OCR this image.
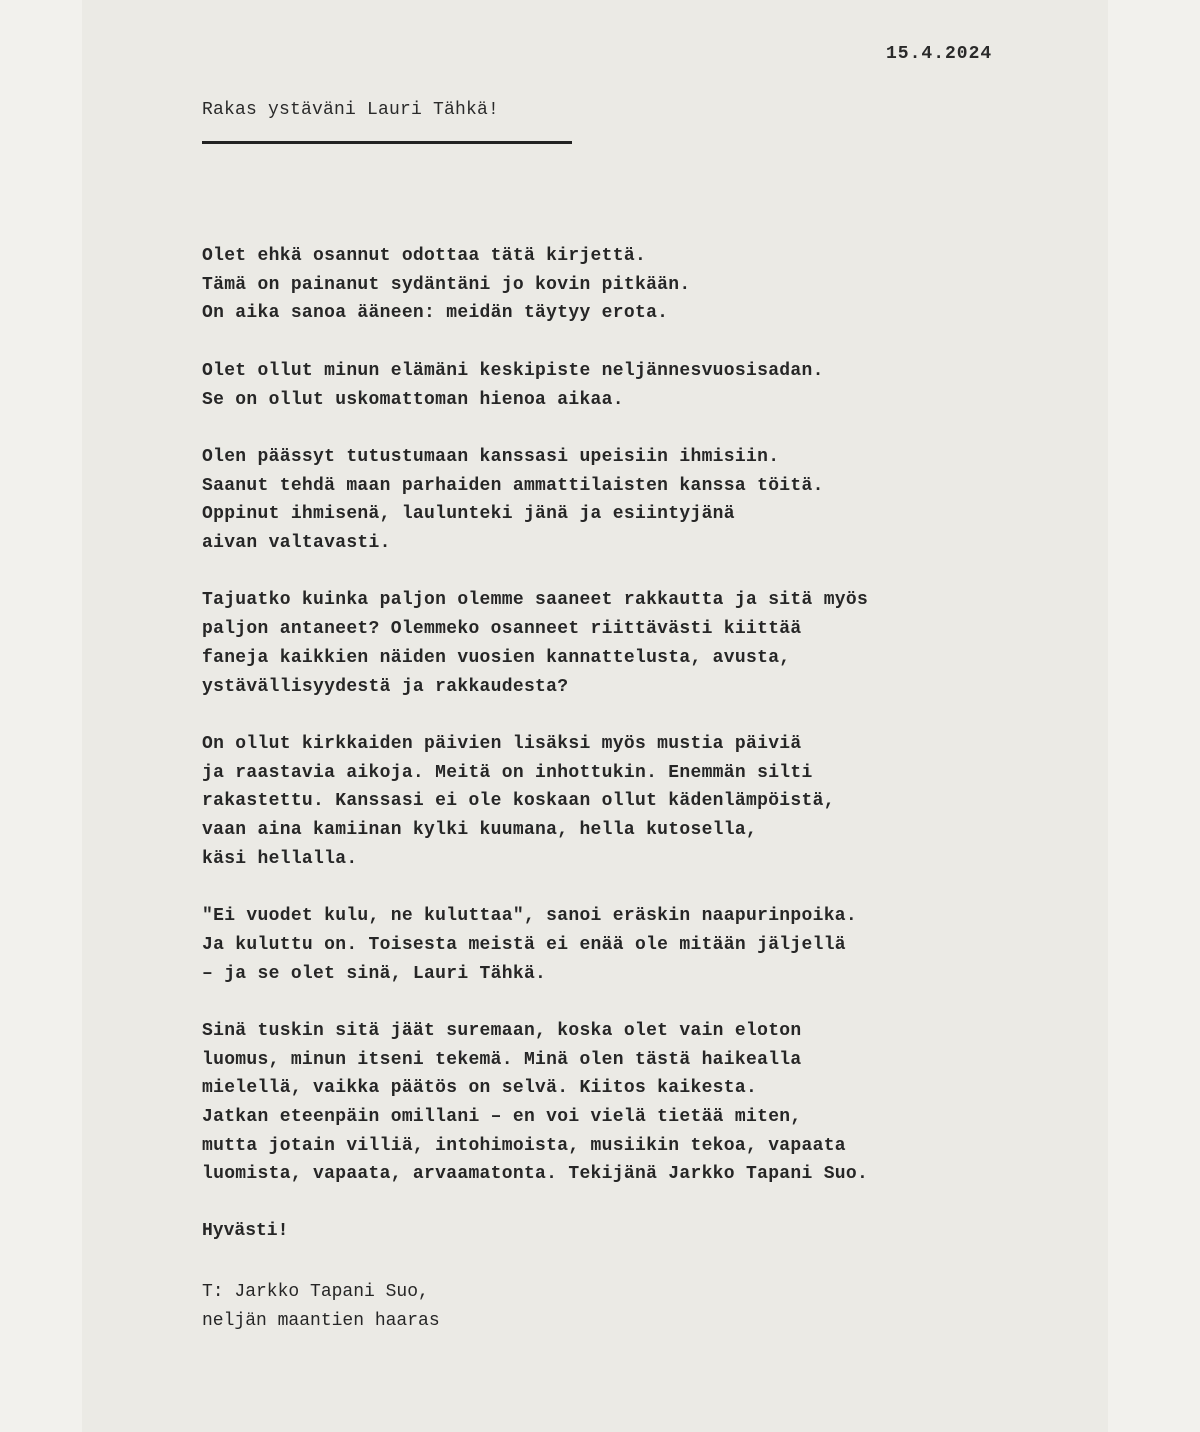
15.4.2024
Rakas ystäväni Lauri Tähkä!
Olet ehkä osannut odottaa tätä kirjettä.
Tämä on painanut sydäntäni jo kovin pitkään.
On aika sanoa ääneen: meidän täytyy erota.
Olet ollut minun elämäni keskipiste neljännesvuosisadan.
Se on ollut uskomattoman hienoa aikaa.
Olen päässyt tutustumaan kanssasi upeisiin ihmisiin.
Saanut tehdä maan parhaiden ammattilaisten kanssa töitä.
Oppinut ihmisenä, laulunteki jänä ja esiintyjänä
aivan valtavasti.
Tajuatko kuinka paljon olemme saaneet rakkautta ja sitä myös
paljon antaneet? Olemmeko osanneet riittävästi kiittää
faneja kaikkien näiden vuosien kannattelusta, avusta,
ystävällisyydestä ja rakkaudesta?
On ollut kirkkaiden päivien lisäksi myös mustia päiviä
ja raastavia aikoja. Meitä on inhottukin. Enemmän silti
rakastettu. Kanssasi ei ole koskaan ollut kädenlämpöistä,
vaan aina kamiinan kylki kuumana, hella kutosella,
käsi hellalla.
"Ei vuodet kulu, ne kuluttaa", sanoi eräskin naapurinpoika.
Ja kuluttu on. Toisesta meistä ei enää ole mitään jäljellä
– ja se olet sinä, Lauri Tähkä.
Sinä tuskin sitä jäät suremaan, koska olet vain eloton
luomus, minun itseni tekemä. Minä olen tästä haikealla
mielellä, vaikka päätös on selvä. Kiitos kaikesta.
Jatkan eteenpäin omillani – en voi vielä tietää miten,
mutta jotain villiä, intohimoista, musiikin tekoa, vapaata
luomista, vapaata, arvaamatonta. Tekijänä Jarkko Tapani Suo.
Hyvästi!
T: Jarkko Tapani Suo,
neljän maantien haaras
